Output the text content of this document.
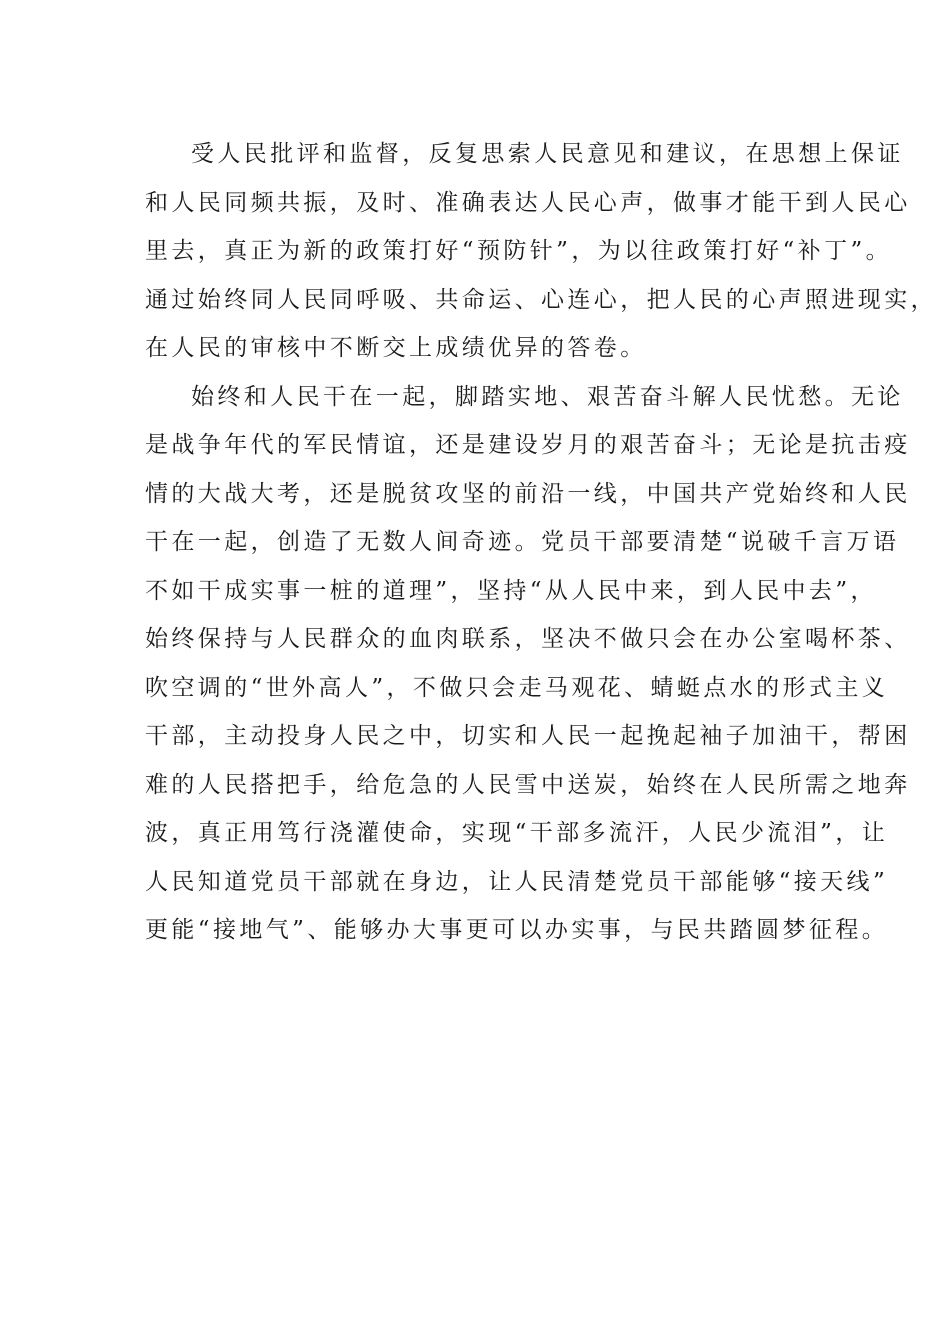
受人民批评和监督，反复思索人民意见和建议，在思想上保证
和人民同频共振，及时、准确表达人民心声，做事才能干到人民心
里去，真正为新的政策打好“预防针”，为以往政策打好“补丁”。
通过始终同人民同呼吸、共命运、心连心，把人民的心声照进现实，
在人民的审核中不断交上成绩优异的答卷。
始终和人民干在一起，脚踏实地、艰苦奋斗解人民忧愁。无论
是战争年代的军民情谊，还是建设岁月的艰苦奋斗；无论是抗击疫
情的大战大考，还是脱贫攻坚的前沿一线，中国共产党始终和人民
干在一起，创造了无数人间奇迹。党员干部要清楚“说破千言万语
不如干成实事一桩的道理”，坚持“从人民中来，到人民中去”，
始终保持与人民群众的血肉联系，坚决不做只会在办公室喝杯茶、
吹空调的“世外高人”，不做只会走马观花、蜻蜓点水的形式主义
干部，主动投身人民之中，切实和人民一起挽起袖子加油干，帮困
难的人民搭把手，给危急的人民雪中送炭，始终在人民所需之地奔
波，真正用笃行浇灌使命，实现“干部多流汗，人民少流泪”，让
人民知道党员干部就在身边，让人民清楚党员干部能够“接天线”
更能“接地气”、能够办大事更可以办实事，与民共踏圆梦征程。
